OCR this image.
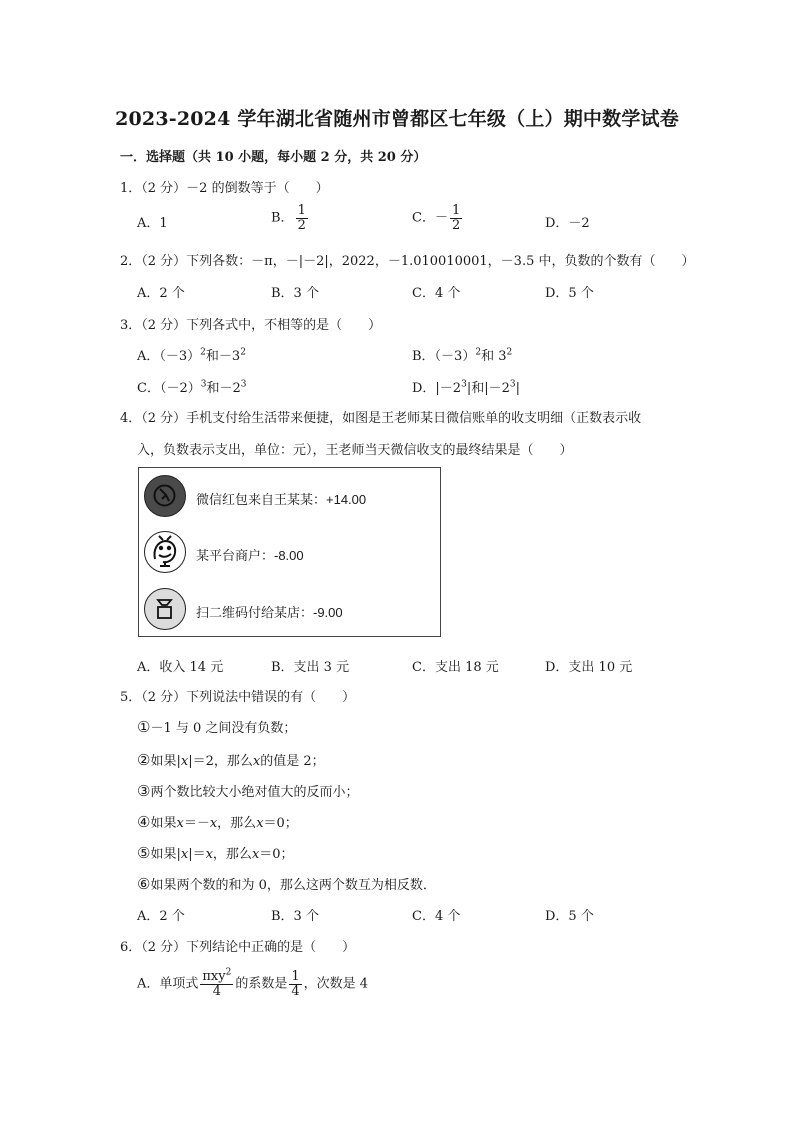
2023-2024 学年湖北省随州市曾都区七年级（上）期中数学试卷
一．选择题（共 10 小题，每小题 2 分，共 20 分）
1．（2 分）－2 的倒数等于（　　）
A．1	B． $\frac{1}{2}$	C．－ $\frac{1}{2}$	D．－2
2．（2 分）下列各数：－π，－|－2|，2022，－1.010010001，－3.5 中，负数的个数有（　　）
A．2 个	B．3 个	C．4 个	D．5 个
3．（2 分）下列各式中，不相等的是（　　）
A．$(-3)^2$和$-3^2$	B．$(-3)^2$和 $3^2$
C．$(-2)^3$和$-2^3$	D．$|-2^3|$和$|-2^3|$
4．（2 分）手机支付给生活带来便捷，如图是王老师某日微信账单的收支明细（正数表示收
入，负数表示支出，单位：元），王老师当天微信收支的最终结果是（　　）
微信红包来自王某某：+14.00
某平台商户：-8.00
扫二维码付给某店：-9.00
A．收入 14 元	B．支出 3 元	C．支出 18 元	D．支出 10 元
5．（2 分）下列说法中错误的有（　　）
①－1 与 0 之间没有负数；
②如果|x|＝2，那么x的值是 2；
③两个数比较大小绝对值大的反而小；
④如果x＝－x，那么x＝0；
⑤如果|x|＝x，那么x＝0；
⑥如果两个数的和为 0，那么这两个数互为相反数．
A．2 个	B．3 个	C．4 个	D．5 个
6．（2 分）下列结论中正确的是（　　）
A．单项式 $\frac{\pi xy^2}{4}$ 的系数是 $\frac{1}{4}$ ，次数是 4
